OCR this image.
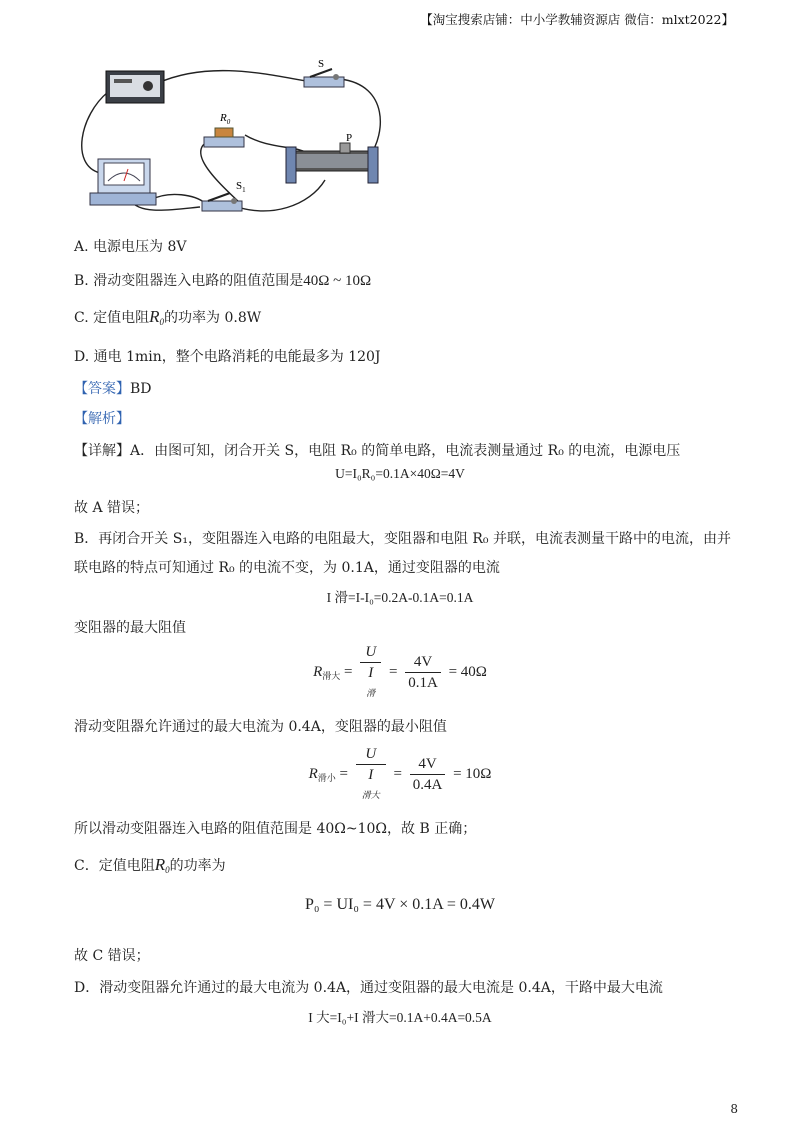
【淘宝搜索店铺：中小学教辅资源店 微信：mlxt2022】
S
$R_0$
P
$S_1$
A. 电源电压为 8V
B. 滑动变阻器连入电路的阻值范围是40Ω ~ 10Ω
C. 定值电阻$R_0$的功率为 0.8W
D. 通电 1min，整个电路消耗的电能最多为 120J
【答案】BD
【解析】
【详解】A．由图可知，闭合开关 S，电阻 R₀ 的简单电路，电流表测量通过 R₀ 的电流，电源电压
U=I₀R₀=0.1A×40Ω=4V
故 A 错误；
B．再闭合开关 S₁，变阻器连入电路的电阻最大，变阻器和电阻 R₀ 并联，电流表测量干路中的电流，由并
联电路的特点可知通过 R₀ 的电流不变，为 0.1A，通过变阻器的电流
I 滑=I-I₀=0.2A-0.1A=0.1A
变阻器的最大阻值
$R_{滑大} = U$
I
滑 = $\frac{4V}{0.1A} = 40\Omega$
滑动变阻器允许通过的最大电流为 0.4A，变阻器的最小阻值
$R_{滑小} = U$
I
滑大 = $\frac{4V}{0.4A} = 10\Omega$
所以滑动变阻器连入电路的阻值范围是 40Ω~10Ω，故 B 正确；
C．定值电阻$R_0$的功率为
P₀ = UI₀ = 4V × 0.1A = 0.4W
故 C 错误；
D．滑动变阻器允许通过的最大电流为 0.4A，通过变阻器的最大电流是 0.4A，干路中最大电流
I 大=I₀+I 滑大=0.1A+0.4A=0.5A
8
